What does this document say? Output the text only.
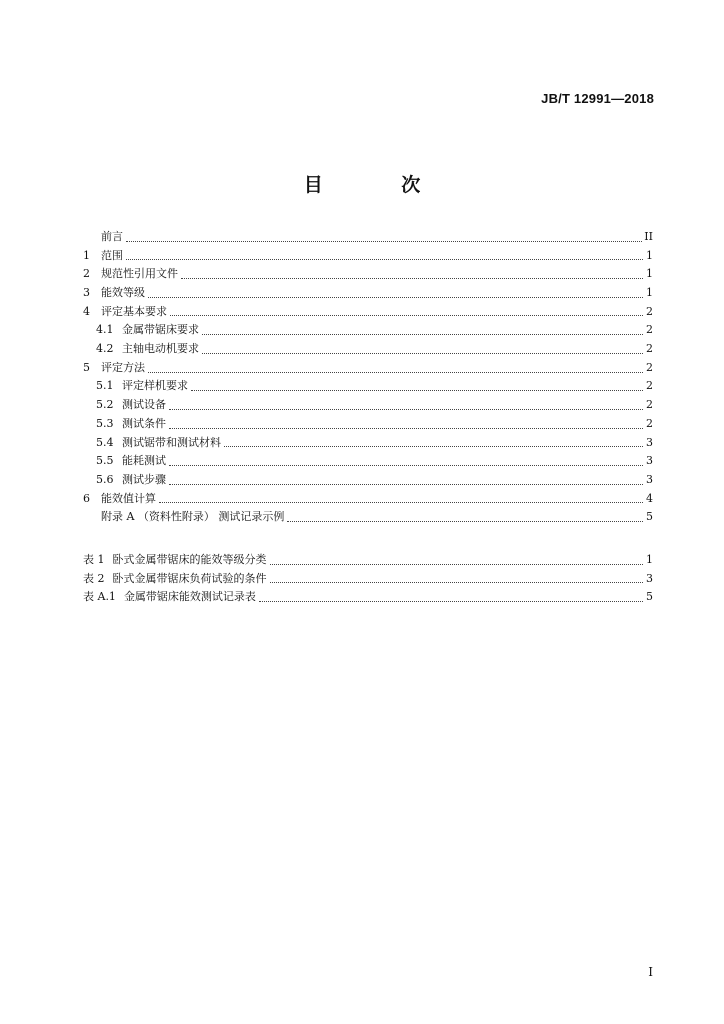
JB/T 12991—2018
目 次
前言	II
1	范围	1
2	规范性引用文件	1
3	能效等级	1
4	评定基本要求	2
4.1 金属带锯床要求	2
4.2 主轴电动机要求	2
5	评定方法	2
5.1 评定样机要求	2
5.2 测试设备	2
5.3 测试条件	2
5.4 测试锯带和测试材料	3
5.5 能耗测试	3
5.6 测试步骤	3
6	能效值计算	4
附录 A （资料性附录） 测试记录示例	5
表 1 卧式金属带锯床的能效等级分类	1
表 2 卧式金属带锯床负荷试验的条件	3
表 A.1 金属带锯床能效测试记录表	5
I
